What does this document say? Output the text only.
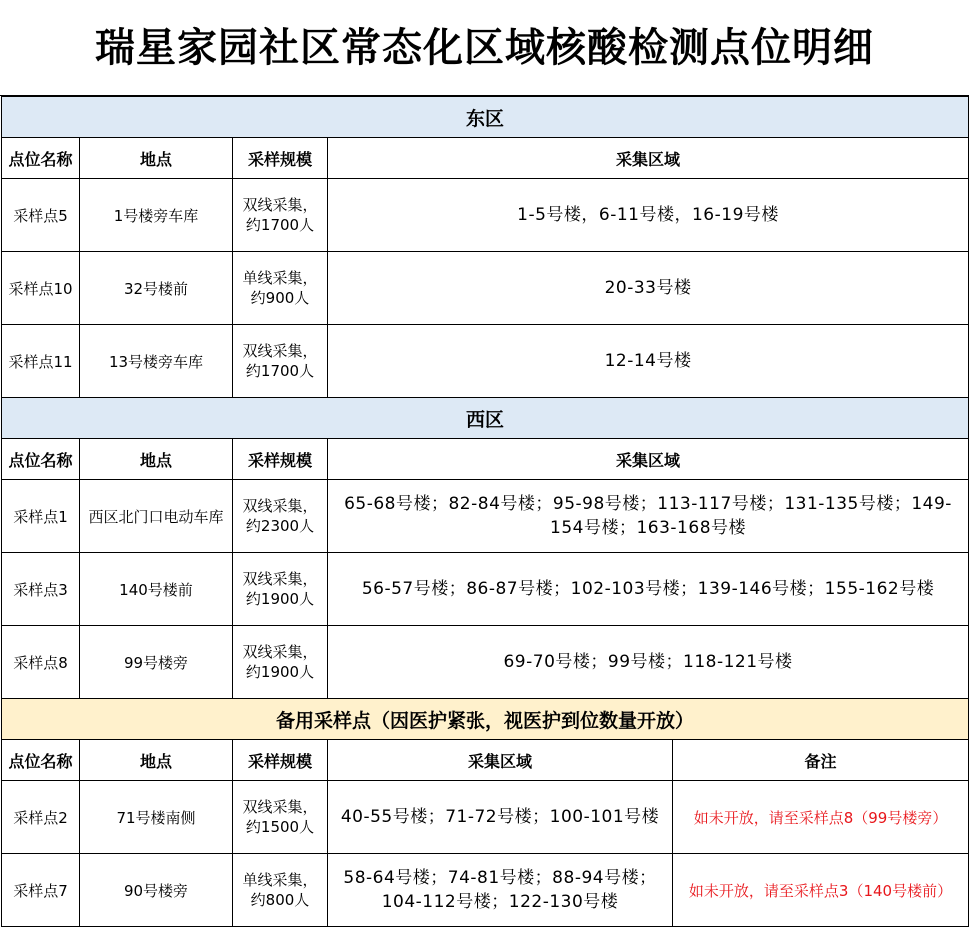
瑞星家园社区常态化区域核酸检测点位明细
东区				
点位名称	地点	采样规模	采集区域	
采样点5	1号楼旁车库	双线采集，
约1700人	1-5号楼，6-11号楼，16-19号楼	
采样点10	32号楼前	单线采集，
约900人	20-33号楼	
采样点11	13号楼旁车库	双线采集，
约1700人	12-14号楼	
西区				
点位名称	地点	采样规模	采集区域	
采样点1	西区北门口电动车库	双线采集，
约2300人	65-68号楼；82-84号楼；95-98号楼；113-117号楼；131-135号楼；149-
154号楼；163-168号楼	
采样点3	140号楼前	双线采集，
约1900人	56-57号楼；86-87号楼；102-103号楼；139-146号楼；155-162号楼	
采样点8	99号楼旁	双线采集，
约1900人	69-70号楼；99号楼；118-121号楼	
备用采样点（因医护紧张，视医护到位数量开放）				
点位名称	地点	采样规模	采集区域	备注
采样点2	71号楼南侧	双线采集，
约1500人	40-55号楼；71-72号楼；100-101号楼	如未开放，请至采样点8（99号楼旁）
采样点7	90号楼旁	单线采集，
约800人	58-64号楼；74-81号楼；88-94号楼；
104-112号楼；122-130号楼	如未开放，请至采样点3（140号楼前）
